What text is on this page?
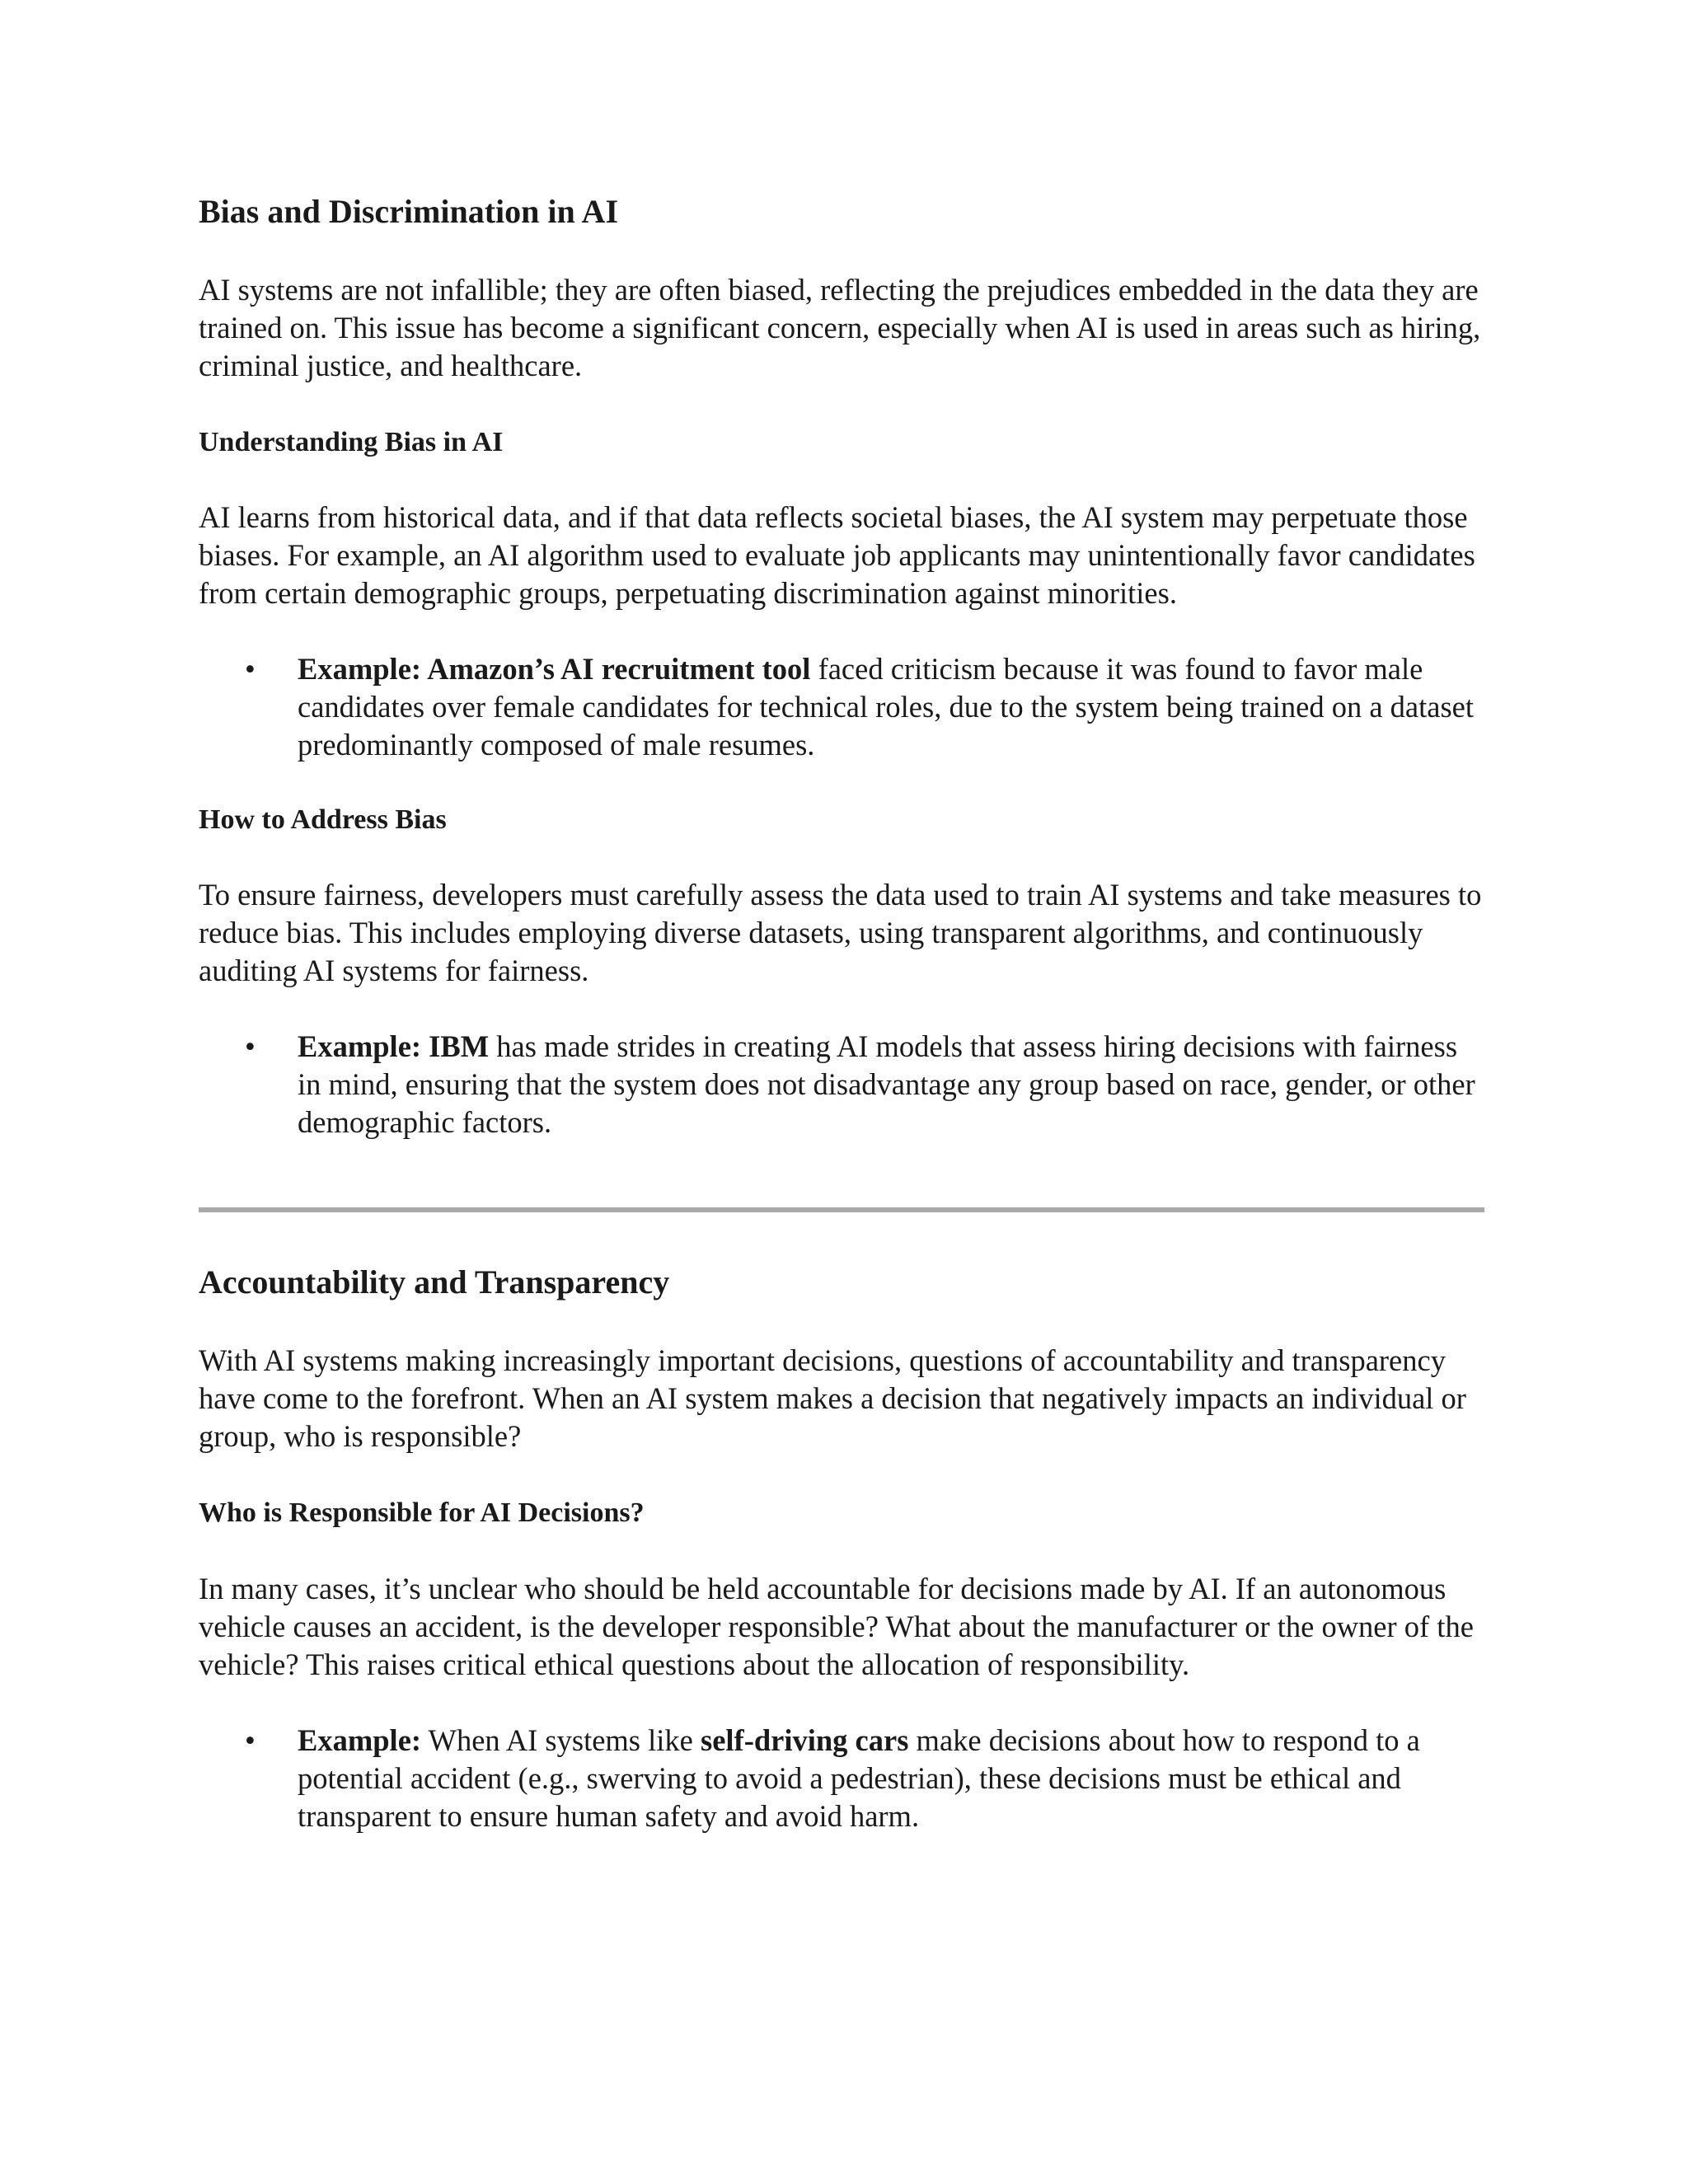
Bias and Discrimination in AI

AI systems are not infallible; they are often biased, reflecting the prejudices embedded in the data they are trained on. This issue has become a significant concern, especially when AI is used in areas such as hiring, criminal justice, and healthcare.

Understanding Bias in AI

AI learns from historical data, and if that data reflects societal biases, the AI system may perpetuate those biases. For example, an AI algorithm used to evaluate job applicants may unintentionally favor candidates from certain demographic groups, perpetuating discrimination against minorities.

• Example: Amazon’s AI recruitment tool faced criticism because it was found to favor male candidates over female candidates for technical roles, due to the system being trained on a dataset predominantly composed of male resumes.
How to Address Bias

To ensure fairness, developers must carefully assess the data used to train AI systems and take measures to reduce bias. This includes employing diverse datasets, using transparent algorithms, and continuously auditing AI systems for fairness.

• Example: IBM has made strides in creating AI models that assess hiring decisions with fairness in mind, ensuring that the system does not disadvantage any group based on race, gender, or other demographic factors.
Accountability and Transparency

With AI systems making increasingly important decisions, questions of accountability and transparency have come to the forefront. When an AI system makes a decision that negatively impacts an individual or group, who is responsible?

Who is Responsible for AI Decisions?

In many cases, it’s unclear who should be held accountable for decisions made by AI. If an autonomous vehicle causes an accident, is the developer responsible? What about the manufacturer or the owner of the vehicle? This raises critical ethical questions about the allocation of responsibility.

• Example: When AI systems like self-driving cars make decisions about how to respond to a potential accident (e.g., swerving to avoid a pedestrian), these decisions must be ethical and transparent to ensure human safety and avoid harm.
